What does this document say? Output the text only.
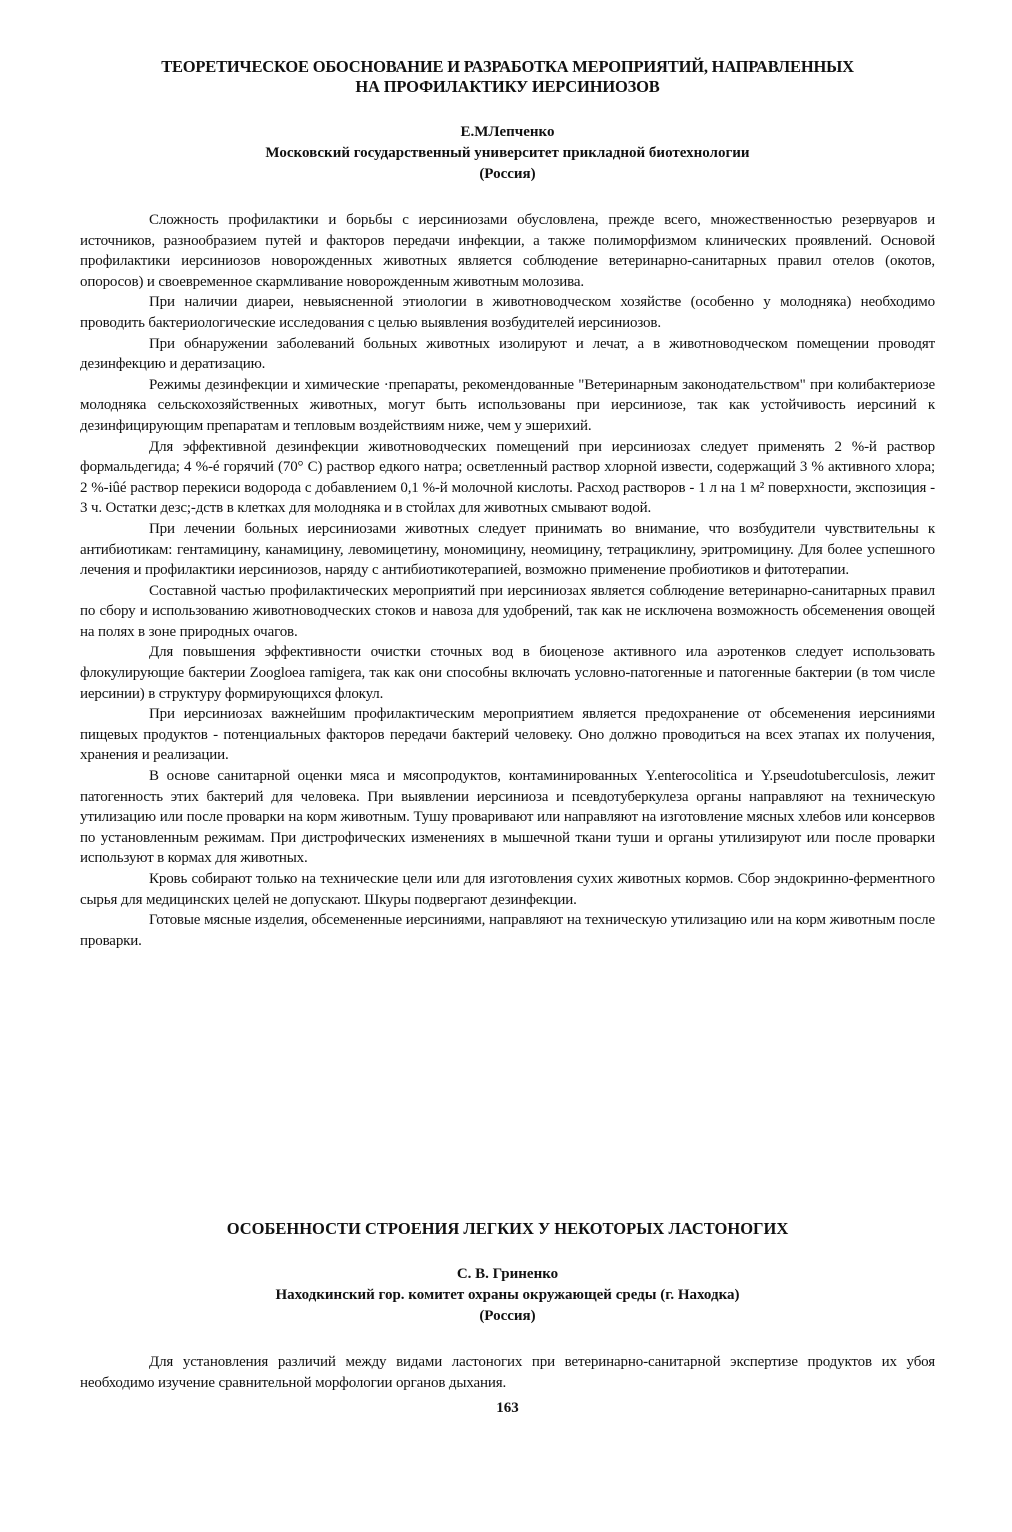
ТЕОРЕТИЧЕСКОЕ ОБОСНОВАНИЕ И РАЗРАБОТКА МЕРОПРИЯТИЙ, НАПРАВЛЕННЫХ
НА ПРОФИЛАКТИКУ ИЕРСИНИОЗОВ
Е.МЛепченко
Московский государственный университет прикладной биотехнологии
(Россия)

Сложность профилактики и борьбы с иерсиниозами обусловлена, прежде всего, множественностью резервуаров и источников, разнообразием путей и факторов передачи инфекции, а также полиморфизмом клинических проявлений. Основой профилактики иерсиниозов новорожденных животных является соблюдение ветеринарно-санитарных правил отелов (окотов, опоросов) и своевременное скармливание новорожденным животным молозива.

При наличии диареи, невыясненной этиологии в животноводческом хозяйстве (особенно у молодняка) необходимо проводить бактериологические исследования с целью выявления возбудителей иерсиниозов.

При обнаружении заболеваний больных животных изолируют и лечат, а в животноводческом помещении проводят дезинфекцию и дератизацию.

Режимы дезинфекции и химические ·препараты, рекомендованные "Ветеринарным законодательством" при колибактериозе молодняка сельскохозяйственных животных, могут быть использованы при иерсиниозе, так как устойчивость иерсиний к дезинфицирующим препаратам и тепловым воздействиям ниже, чем у эшерихий.

Для эффективной дезинфекции животноводческих помещений при иерсиниозах следует применять 2 %-й раствор формальдегида; 4 %-é горячий (70° С) раствор едкого натра; осветленный раствор хлорной извести, содержащий 3 % активного хлора; 2 %-iûé раствор перекиси водорода с добавлением 0,1 %-й молочной кислоты. Расход растворов - 1 л на 1 м² поверхности, экспозиция - 3 ч. Остатки дезс;‑дств в клетках для молодняка и в стойлах для животных смывают водой.

При лечении больных иерсиниозами животных следует принимать во внимание, что возбудители чувствительны к антибиотикам: гентамицину, канамицину, левомицетину, мономицину, неомицину, тетрациклину, эритромицину. Для более успешного лечения и профилактики иерсиниозов, наряду с антибиотикотерапией, возможно применение пробиотиков и фитотерапии.

Составной частью профилактических мероприятий при иерсиниозах является соблюдение ветеринарно-санитарных правил по сбору и использованию животноводческих стоков и навоза для удобрений, так как не исключена возможность обсеменения овощей на полях в зоне природных очагов.

Для повышения эффективности очистки сточных вод в биоценозе активного ила аэротенков следует использовать флокулирующие бактерии Zoogloea ramigera, так как они способны включать условно-патогенные и патогенные бактерии (в том числе иерсинии) в структуру формирующихся флокул.

При иерсиниозах важнейшим профилактическим мероприятием является предохранение от обсеменения иерсиниями пищевых продуктов - потенциальных факторов передачи бактерий человеку. Оно должно проводиться на всех этапах их получения, хранения и реализации.

В основе санитарной оценки мяса и мясопродуктов, контаминированных Y.enterocolitica и Y.pseudotuberculosis, лежит патогенность этих бактерий для человека. При выявлении иерсиниоза и псевдотуберкулеза органы направляют на техническую утилизацию или после проварки на корм животным. Тушу проваривают или направляют на изготовление мясных хлебов или консервов по установленным режимам. При дистрофических изменениях в мышечной ткани туши и органы утилизируют или после проварки используют в кормах для животных.

Кровь собирают только на технические цели или для изготовления сухих животных кормов. Сбор эндокринно-ферментного сырья для медицинских целей не допускают. Шкуры подвергают дезинфекции.

Готовые мясные изделия, обсемененные иерсиниями, направляют на техническую утилизацию или на корм животным после проварки.

ОСОБЕННОСТИ СТРОЕНИЯ ЛЕГКИХ У НЕКОТОРЫХ ЛАСТОНОГИХ
С. В. Гриненко
Находкинский гор. комитет охраны окружающей среды (г. Находка)
(Россия)

Для установления различий между видами ластоногих при ветеринарно-санитарной экспертизе продуктов их убоя необходимо изучение сравнительной морфологии органов дыхания.

163
